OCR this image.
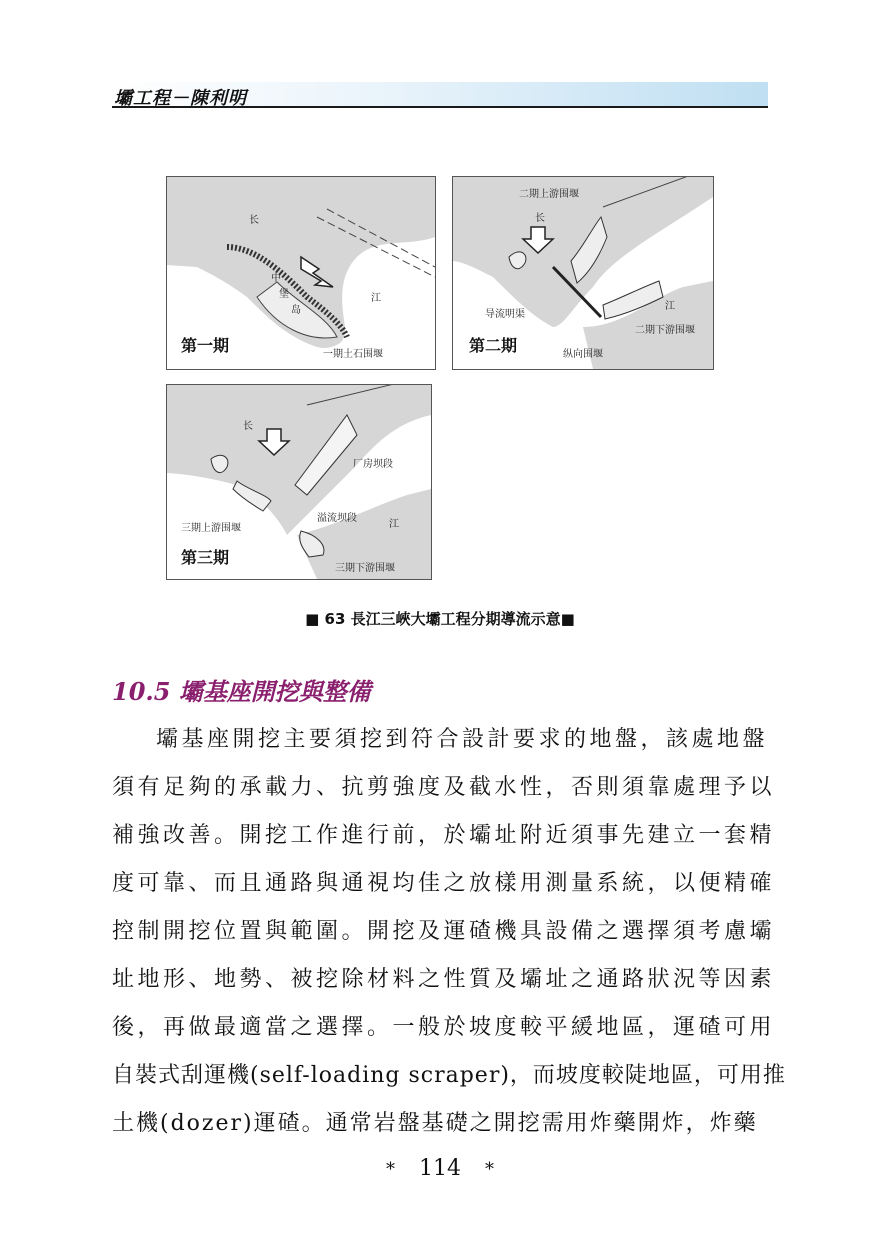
壩工程－陳利明
长
中
堡
岛
江
一期土石围堰
第一期
二期上游围堰
长
导流明渠
江
二期下游围堰
纵向围堰
第二期
长
厂房坝段
溢流坝段
江
三期上游围堰
三期下游围堰
第三期
■ 63 長江三峽大壩工程分期導流示意■
10.5 壩基座開挖與整備
壩基座開挖主要須挖到符合設計要求的地盤，該處地盤
須有足夠的承載力、抗剪強度及截水性，否則須靠處理予以
補強改善。開挖工作進行前，於壩址附近須事先建立一套精
度可靠、而且通路與通視均佳之放樣用測量系統，以便精確
控制開挖位置與範圍。開挖及運碴機具設備之選擇須考慮壩
址地形、地勢、被挖除材料之性質及壩址之通路狀況等因素
後，再做最適當之選擇。一般於坡度較平緩地區，運碴可用
自裝式刮運機(self-loading scraper)，而坡度較陡地區，可用推
土機(dozer)運碴。通常岩盤基礎之開挖需用炸藥開炸，炸藥
* 114 *
